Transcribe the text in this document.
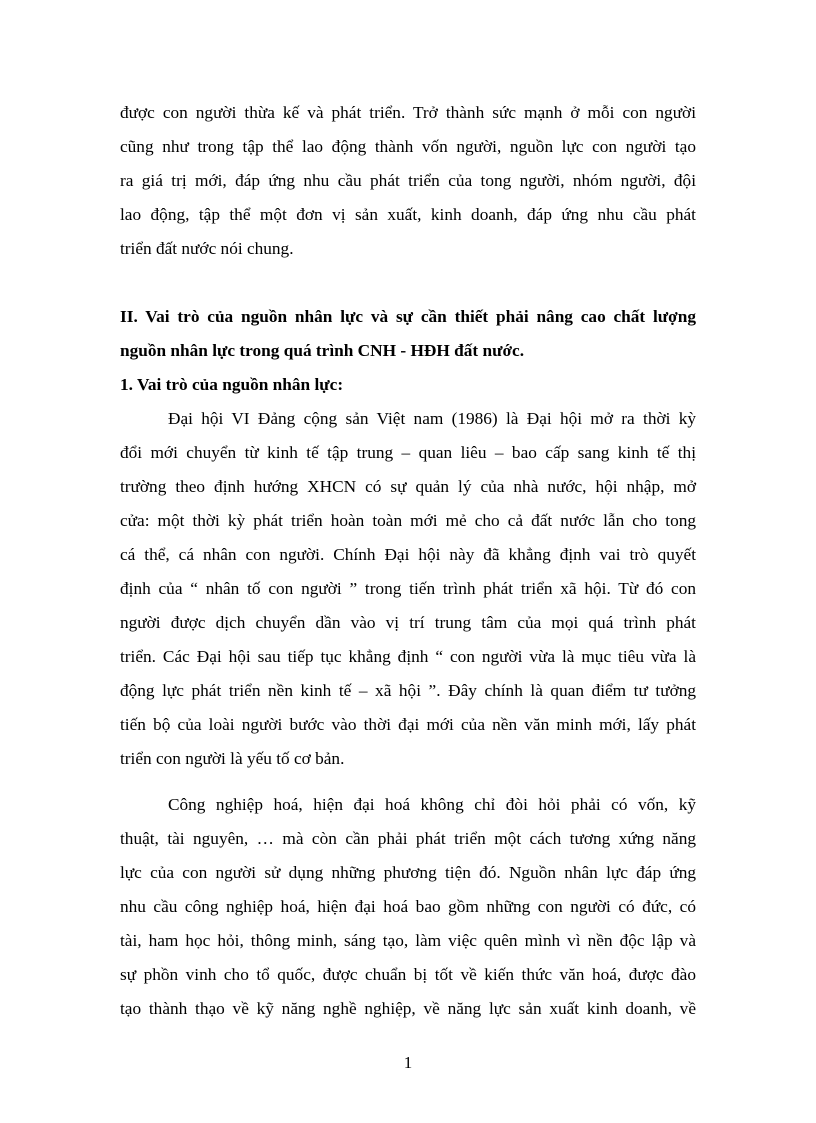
được con người thừa kế và phát triển. Trở thành sức mạnh ở mỗi con người
cũng như trong tập thể lao động thành vốn người, nguồn lực con người tạo
ra giá trị mới, đáp ứng nhu cầu phát triển của tong người, nhóm người, đội
lao động, tập thể một đơn vị sản xuất, kinh doanh, đáp ứng nhu cầu phát
triển đất nước nói chung.
II. Vai trò của nguồn nhân lực và sự cần thiết phải nâng cao chất lượng
nguồn nhân lực trong quá trình CNH - HĐH đất nước.
1. Vai trò của nguồn nhân lực:
Đại hội VI Đảng cộng sản Việt nam (1986) là Đại hội mở ra thời kỳ
đổi mới chuyển từ kinh tế tập trung – quan liêu – bao cấp sang kinh tế thị
trường theo định hướng XHCN có sự quản lý của nhà nước, hội nhập, mở
cửa: một thời kỳ phát triển hoàn toàn mới mẻ cho cả đất nước lẫn cho tong
cá thể, cá nhân con người. Chính Đại hội này đã khẳng định vai trò quyết
định của “ nhân tố con người ” trong tiến trình phát triển xã hội. Từ đó con
người được dịch chuyển dần vào vị trí trung tâm của mọi quá trình phát
triển. Các Đại hội sau tiếp tục khẳng định “ con người vừa là mục tiêu vừa là
động lực phát triển nền kinh tế – xã hội ”. Đây chính là quan điểm tư tưởng
tiến bộ của loài người bước vào thời đại mới của nền văn minh mới, lấy phát
triển con người là yếu tố cơ bản.
Công nghiệp hoá, hiện đại hoá không chỉ đòi hỏi phải có vốn, kỹ
thuật, tài nguyên, … mà còn cần phải phát triển một cách tương xứng năng
lực của con người sử dụng những phương tiện đó. Nguồn nhân lực đáp ứng
nhu cầu công nghiệp hoá, hiện đại hoá bao gồm những con người có đức, có
tài, ham học hỏi, thông minh, sáng tạo, làm việc quên mình vì nền độc lập và
sự phồn vinh cho tổ quốc, được chuẩn bị tốt về kiến thức văn hoá, được đào
tạo thành thạo về kỹ năng nghề nghiệp, về năng lực sản xuất kinh doanh, về
1
